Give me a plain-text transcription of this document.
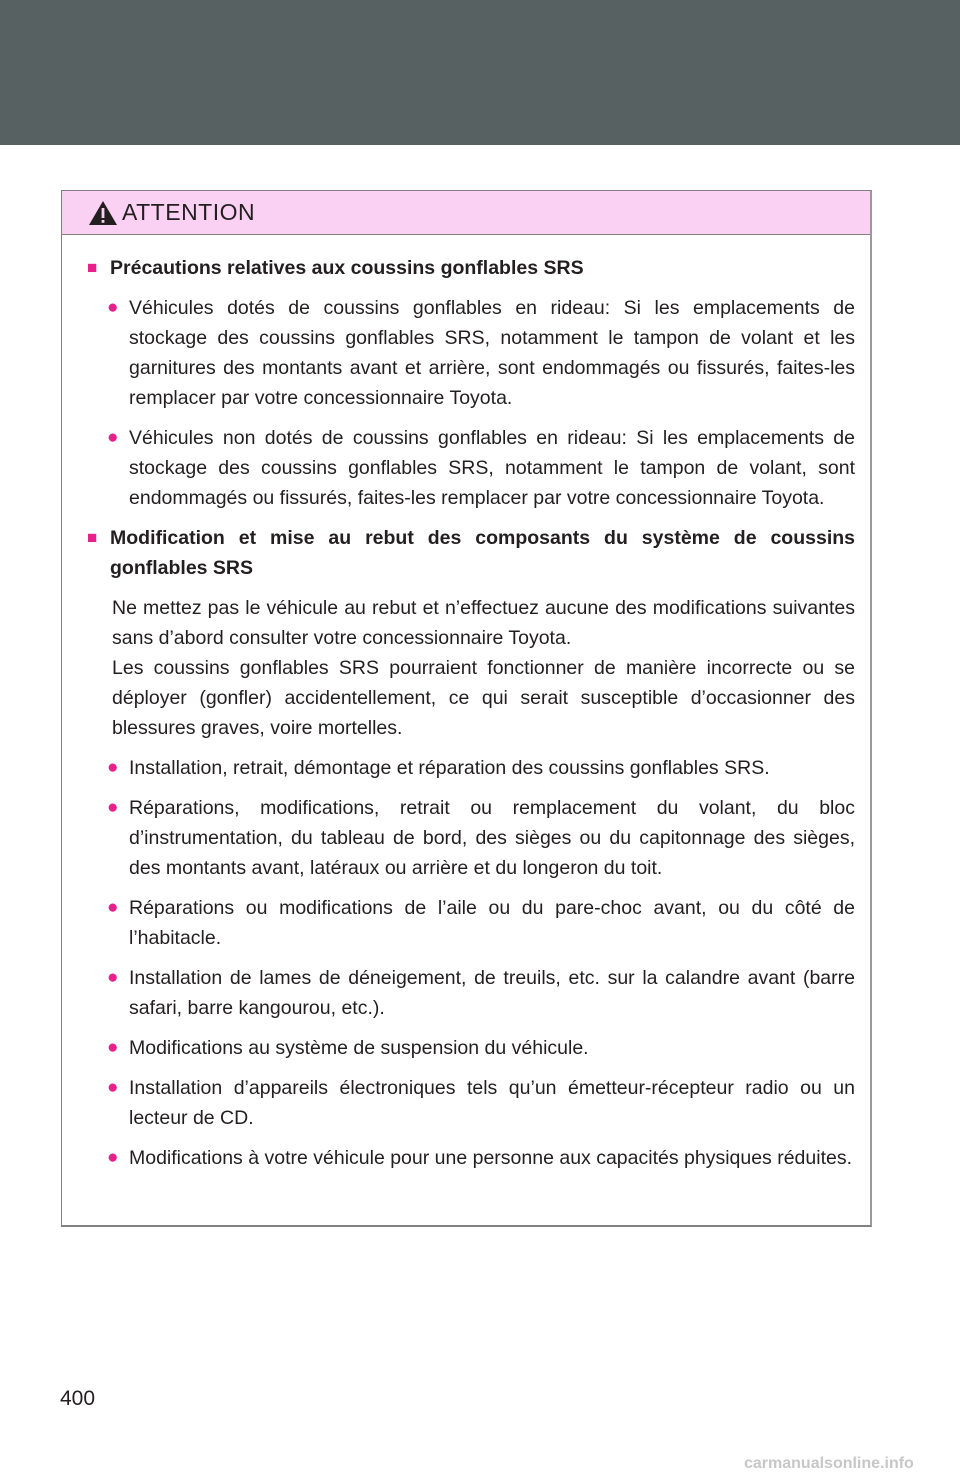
ATTENTION
■ Précautions relatives aux coussins gonflables SRS
● Véhicules dotés de coussins gonflables en rideau: Si les emplacements de stockage des coussins gonflables SRS, notamment le tampon de volant et les garnitures des montants avant et arrière, sont endommagés ou fissurés, faites-les remplacer par votre concessionnaire Toyota.
● Véhicules non dotés de coussins gonflables en rideau: Si les emplacements de stockage des coussins gonflables SRS, notamment le tampon de volant, sont endommagés ou fissurés, faites-les remplacer par votre concessionnaire Toyota.
■ Modification et mise au rebut des composants du système de coussins gonflables SRS

Ne mettez pas le véhicule au rebut et n’effectuez aucune des modifications suivantes sans d’abord consulter votre concessionnaire Toyota.

Les coussins gonflables SRS pourraient fonctionner de manière incorrecte ou se déployer (gonfler) accidentellement, ce qui serait susceptible d’occasionner des blessures graves, voire mortelles.

● Installation, retrait, démontage et réparation des coussins gonflables SRS.
● Réparations, modifications, retrait ou remplacement du volant, du bloc d’instrumentation, du tableau de bord, des sièges ou du capitonnage des sièges, des montants avant, latéraux ou arrière et du longeron du toit.
● Réparations ou modifications de l’aile ou du pare-choc avant, ou du côté de l’habitacle.
● Installation de lames de déneigement, de treuils, etc. sur la calandre avant (barre safari, barre kangourou, etc.).
● Modifications au système de suspension du véhicule.
● Installation d’appareils électroniques tels qu’un émetteur-récepteur radio ou un lecteur de CD.
● Modifications à votre véhicule pour une personne aux capacités physiques réduites.
400
carmanualsonline.info
